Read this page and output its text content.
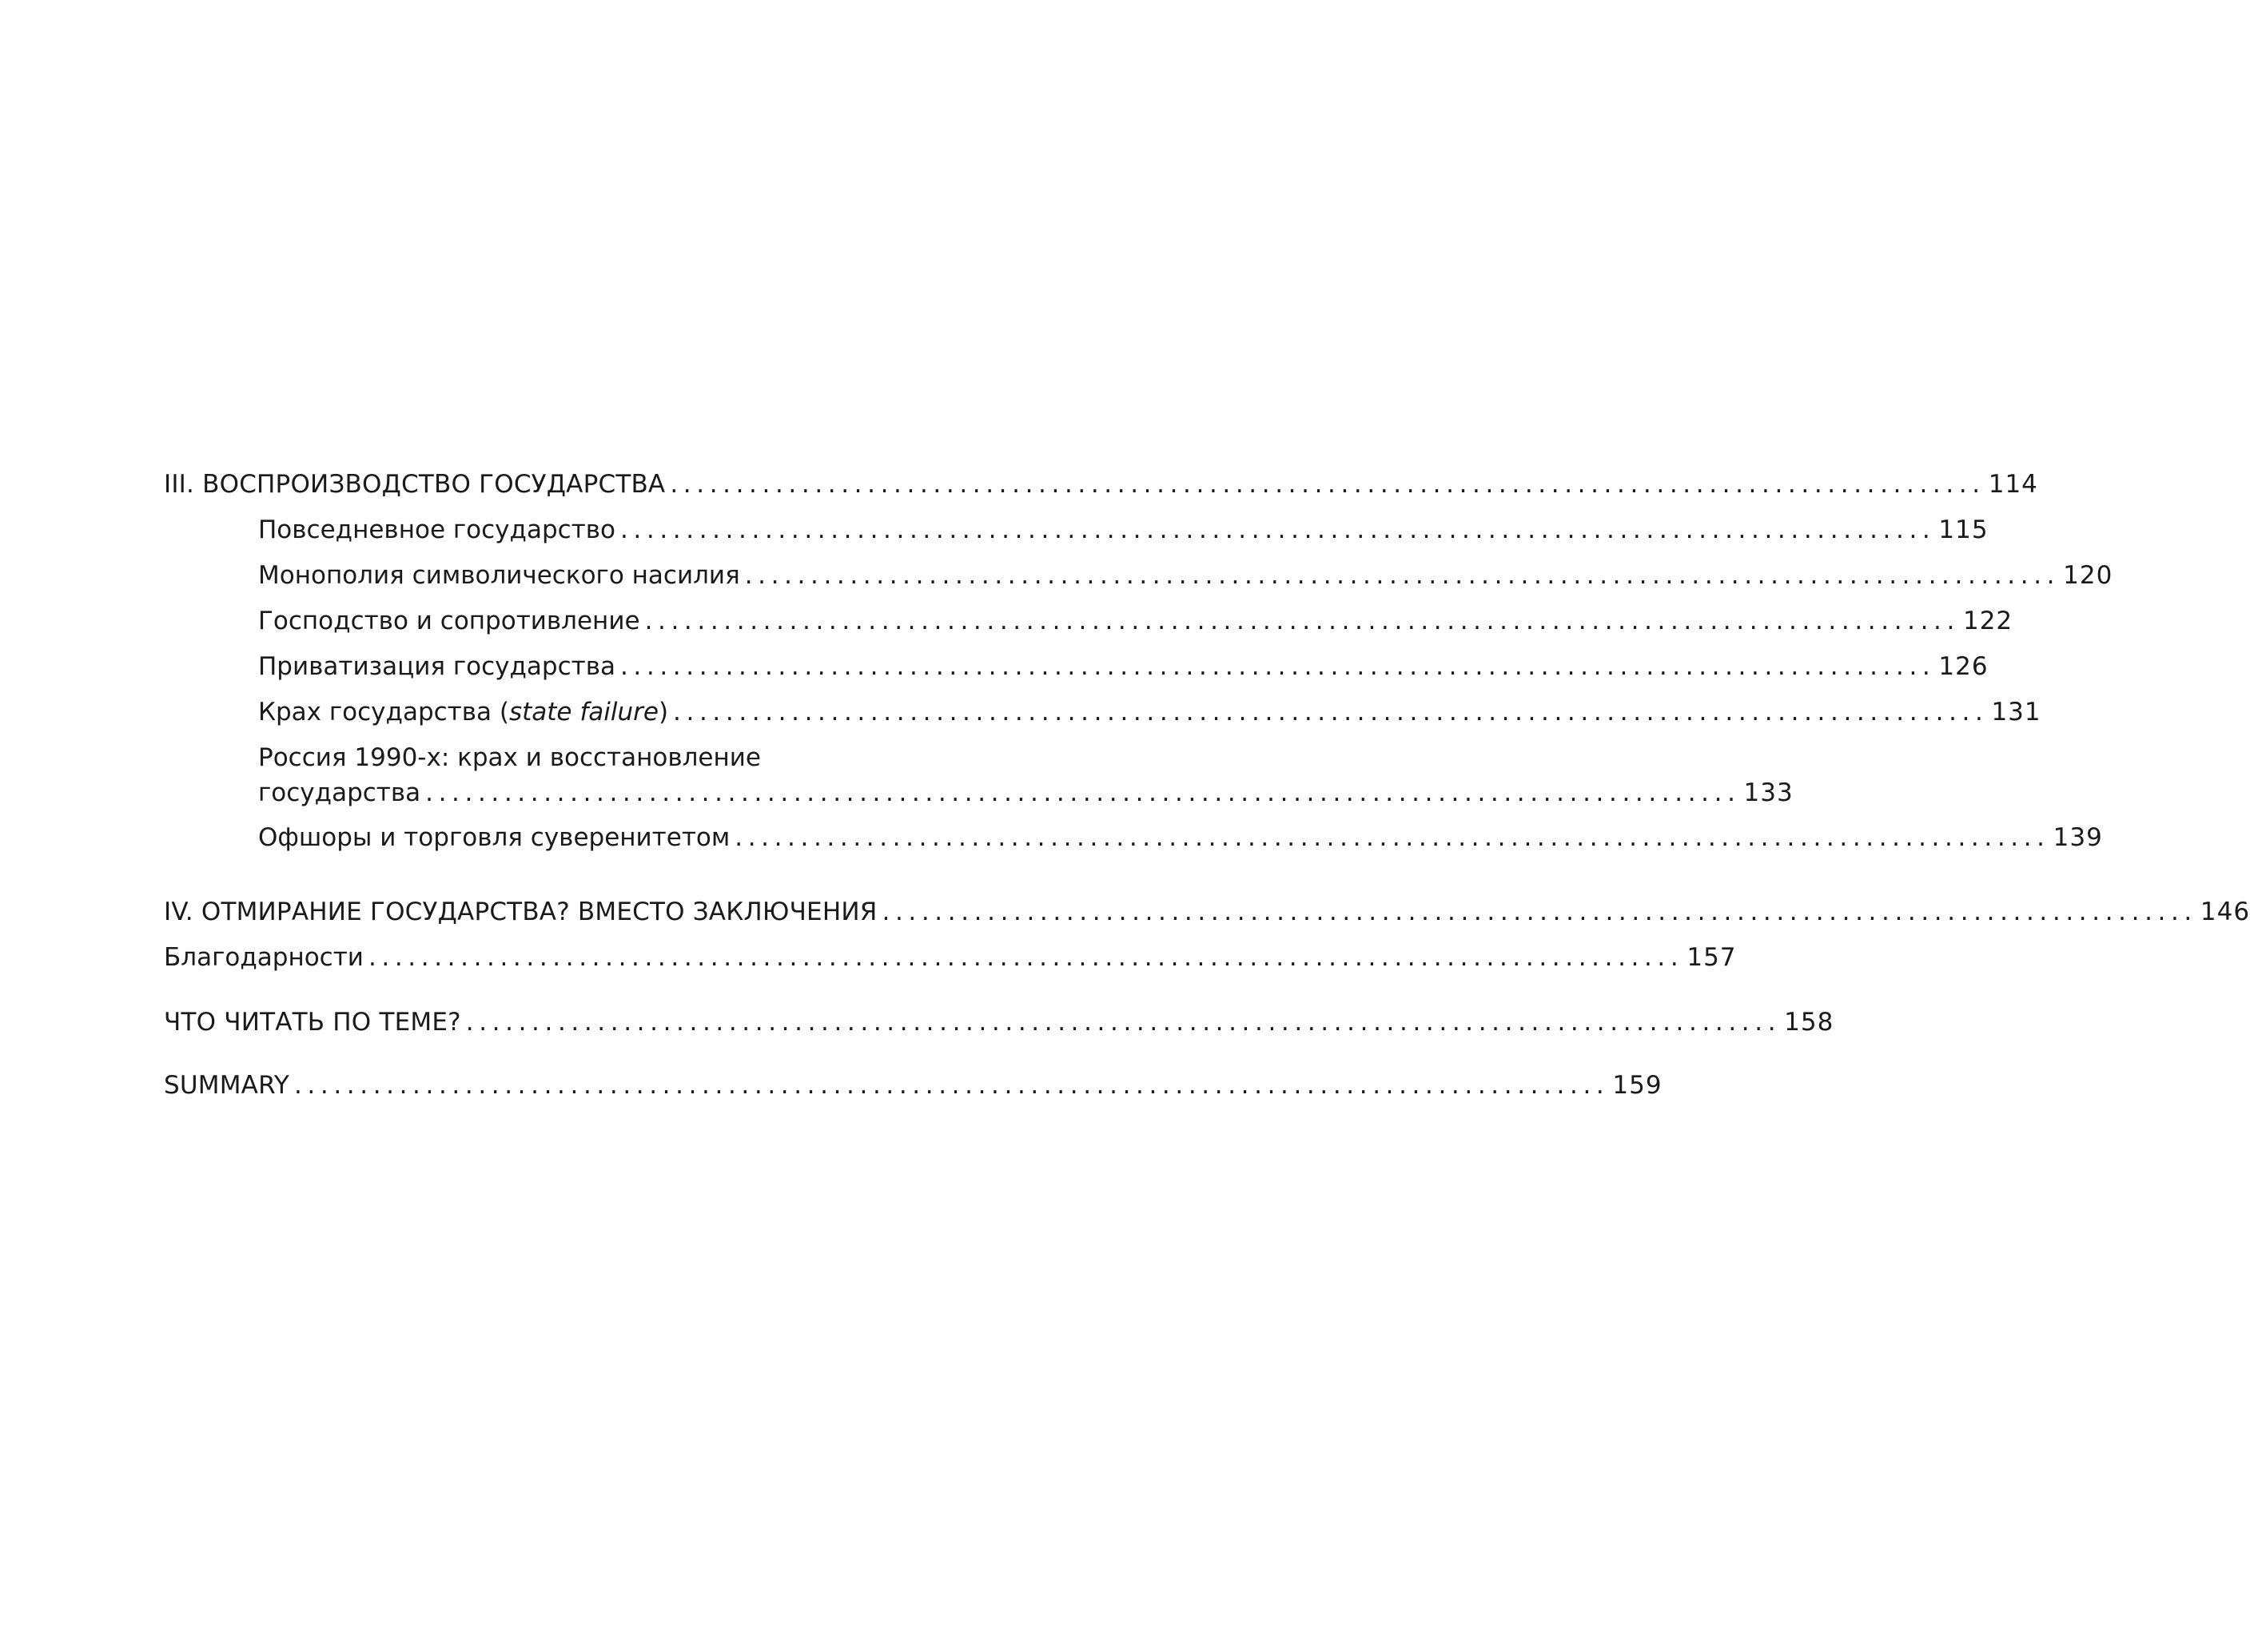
III. ВОСПРОИЗВОДСТВО ГОСУДАРСТВА .................................................................................................... 114
Повседневное государство .................................................................................................... 115
Монополия символического насилия .................................................................................................... 120
Господство и сопротивление .................................................................................................... 122
Приватизация государства .................................................................................................... 126
Крах государства (state failure) .................................................................................................... 131
Россия 1990-х: крах и восстановление
государства .................................................................................................... 133
Офшоры и торговля суверенитетом .................................................................................................... 139
IV. ОТМИРАНИЕ ГОСУДАРСТВА? ВМЕСТО ЗАКЛЮЧЕНИЯ .................................................................................................... 146
Благодарности .................................................................................................... 157
ЧТО ЧИТАТЬ ПО ТЕМЕ? .................................................................................................... 158
SUMMARY .................................................................................................... 159
